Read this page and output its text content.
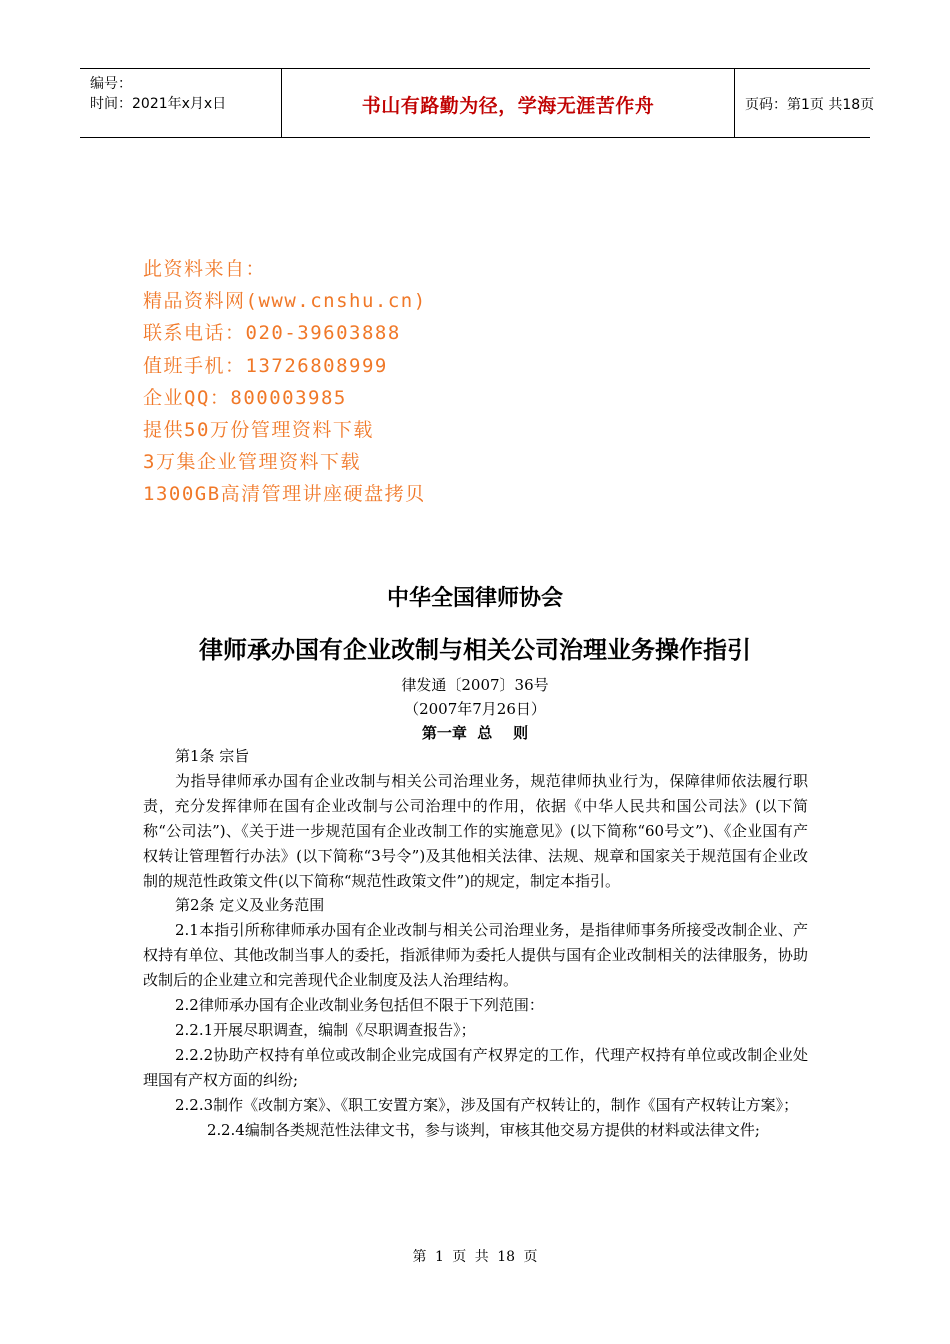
编号：
时间：2021年x月x日	书山有路勤为径，学海无涯苦作舟	页码：第1页 共18页
此资料来自：
精品资料网(www.cnshu.cn)
联系电话：020-39603888
值班手机：13726808999
企业QQ：800003985
提供50万份管理资料下载
3万集企业管理资料下载
1300GB高清管理讲座硬盘拷贝
中华全国律师协会
律师承办国有企业改制与相关公司治理业务操作指引
律发通〔2007〕36号
（2007年7月26日）
第一章  总    则

第1条 宗旨

为指导律师承办国有企业改制与相关公司治理业务，规范律师执业行为，保障律师依法履行职责，充分发挥律师在国有企业改制与公司治理中的作用，依据《中华人民共和国公司法》(以下简称“公司法”)、《关于进一步规范国有企业改制工作的实施意见》(以下简称“60号文”)、《企业国有产权转让管理暂行办法》(以下简称“3号令”)及其他相关法律、法规、规章和国家关于规范国有企业改制的规范性政策文件(以下简称“规范性政策文件”)的规定，制定本指引。

第2条 定义及业务范围

2.1本指引所称律师承办国有企业改制与相关公司治理业务，是指律师事务所接受改制企业、产权持有单位、其他改制当事人的委托，指派律师为委托人提供与国有企业改制相关的法律服务，协助改制后的企业建立和完善现代企业制度及法人治理结构。

2.2律师承办国有企业改制业务包括但不限于下列范围：

2.2.1开展尽职调查，编制《尽职调查报告》；

2.2.2协助产权持有单位或改制企业完成国有产权界定的工作，代理产权持有单位或改制企业处理国有产权方面的纠纷;

2.2.3制作《改制方案》、《职工安置方案》，涉及国有产权转让的，制作《国有产权转让方案》；

2.2.4编制各类规范性法律文书，参与谈判，审核其他交易方提供的材料或法律文件;

第 1 页 共 18 页
